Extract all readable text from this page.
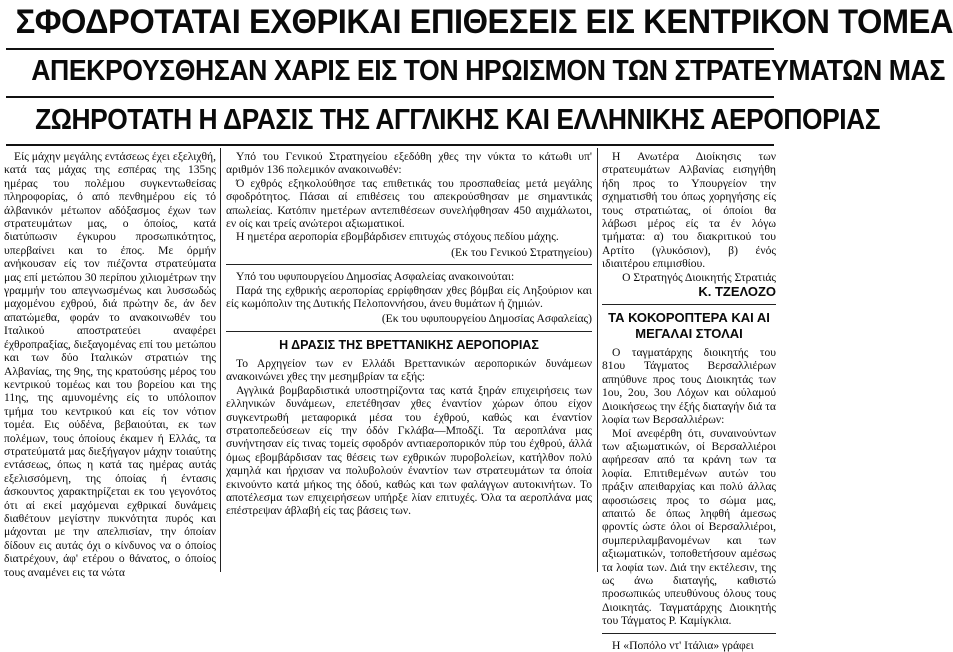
ΣΦΟΔΡΟΤΑΤΑΙ ΕΧΘΡΙΚΑΙ ΕΠΙΘΕΣΕΙΣ ΕΙΣ ΚΕΝΤΡΙΚΟΝ ΤΟΜΕΑ
ΑΠΕΚΡΟΥΣΘΗΣΑΝ ΧΑΡΙΣ ΕΙΣ ΤΟΝ ΗΡΩΙΣΜΟΝ ΤΩΝ ΣΤΡΑΤΕΥΜΑΤΩΝ ΜΑΣ
ΖΩΗΡΟΤΑΤΗ Η ΔΡΑΣΙΣ ΤΗΣ ΑΓΓΛΙΚΗΣ ΚΑΙ ΕΛΛΗΝΙΚΗΣ ΑΕΡΟΠΟΡΙΑΣ

Είς μάχην μεγάλης εντάσεως έχει εξελιχθή, κατά τας μάχας της εσπέρας της 135ης ημέρας του πολέμου συγκεντωθείσας πληροφορίας, ό από πενθημέρου είς τό άλβανικόν μέτωπον αδόξασμος έχων των στρατευμάτων μας, ο όποίος, κατά διατύπωσιν έγκυρου προσωπικότητος, υπερβαίνει και το έπος. Με όρμήν ανήκουσαν είς τον πιέζοντα στρατεύματα μας επί μετώπου 30 περίπου χιλιομέτρων την γραμμήν του απεγνωσμένως και λυσσωδώς μαχομένου εχθρού, διά πρώτην δε, άν δεν απατώμεθα, φοράν το ανακοινωθέν του Ιταλικού αποστρατεύει αναφέρει έχθροπραξίας, διεξαγομένας επί του μετώπου και των δύο Ιταλικών στρατιών της Αλβανίας, της 9ης, της κρατούσης μέρος του κεντρικού τομέως και του βορείου και της 11ης, της αμυνομένης είς το υπόλοιπον τμήμα του κεντρικού και είς τον νότιον τομέα. Εις ούδένα, βεβαιούται, εκ των πολέμων, τους όποίους έκαμεν ή Ελλάς, τα στρατεύματά μας διεξήγαγον μάχην τοιαύτης εντάσεως, όπως η κατά τας ημέρας αυτάς εξελισσόμενη, της όποίας ή έντασις άσκουντος χαρακτηρίζεται εκ του γεγονότος ότι αί εκεί μαχόμεναι εχθρικαί δυνάμεις διαθέτουν μεγίστην πυκνότητα πυρός και μάχονται με την απελπισίαν, την όποίαν δίδουν εις αυτάς όχι ο κίνδυνος να ο όποίος διατρέχουν, άφ' ετέρου ο θάνατος, ο όποίος τους αναμένει εις τα νώτα

Υπό του Γενικού Στρατηγείου εξεδόθη χθες την νύκτα το κάτωθι υπ' αριθμόν 136 πολεμικόν ανακοινωθέν:

Ό εχθρός εξηκολούθησε τας επιθετικάς του προσπαθείας μετά μεγάλης σφοδρότητος. Πάσαι αί επιθέσεις του απεκρούσθησαν με σημαντικάς απωλείας. Κατόπιν ημετέρων αντεπιθέσεων συνελήφθησαν 450 αιχμάλωτοι, εν οίς και τρείς ανώτεροι αξιωματικοί.

Η ημετέρα αεροπορία εβομβάρδισεν επιτυχώς στόχους πεδίου μάχης.

(Εκ του Γενικού Στρατηγείου)

Υπό του υφυπουργείου Δημοσίας Ασφαλείας ανακοινούται:

Παρά της εχθρικής αεροπορίας ερρίφθησαν χθες βόμβαι είς Ληξούριον και είς κωμόπολιν της Δυτικής Πελοποννήσου, άνευ θυμάτων ή ζημιών.

(Εκ του υφυπουργείου Δημοσίας Ασφαλείας)

Η ΔΡΑΣΙΣ ΤΗΣ ΒΡΕΤΤΑΝΙΚΗΣ ΑΕΡΟΠΟΡΙΑΣ

Το Αρχηγείον των εν Ελλάδι Βρεττανικών αεροπορικών δυνάμεων ανακοινώνει χθες την μεσημβρίαν τα εξής:

Αγγλικά βομβαρδιστικά υποστηρίζοντα τας κατά ξηράν επιχειρήσεις των ελληνικών δυνάμεων, επετέθησαν χθες έναντίον χώρων όπου είχον συγκεντρωθή μεταφορικά μέσα του έχθρού, καθώς και έναντίον στρατοπεδεύσεων είς την όδόν Γκλάβα—Μποδζί. Τα αεροπλάνα μας συνήντησαν είς τινας τομείς σφοδρόν αντιαεροπορικόν πύρ του έχθρού, άλλά όμως εβομβάρδισαν τας θέσεις των εχθρικών πυροβολείων, κατήλθον πολύ χαμηλά και ήρχισαν να πολυβολούν έναντίον των στρατευμάτων τα όποία εκινούντο κατά μήκος της όδού, καθώς και των φαλάγγων αυτοκινήτων. Το αποτέλεσμα των επιχειρήσεων υπήρξε λίαν επιτυχές. Όλα τα αεροπλάνα μας επέστρεψαν άβλαβή είς τας βάσεις των.

Η Ανωτέρα Διοίκησις των στρατευμάτων Αλβανίας εισηγήθη ήδη προς το Υπουργείον την σχηματισθή του όπως χορηγήσης είς τους στρατιώτας, οί όποίοι θα λάβωσι μέρος είς τα έν λόγω τμήματα: α) του διακριτικού του Αρτίτο (γλυκόσιον), β) ένός ιδιαιτέρου επιμισθίου.

Ο Στρατηγός Διοικητής Στρατιάς

Κ. ΤΖΕΛΟΖΟ

ΤΑ ΚΟΚΟΡΟΠΤΕΡΑ ΚΑΙ ΑΙ ΜΕΓΑΛΑΙ ΣΤΟΛΑΙ

Ο ταγματάρχης διοικητής του 81ου Τάγματος Βερσαλλιέρων απηύθυνε προς τους Διοικητάς των 1ου, 2ου, 3ου Λόχων και ούλαμού Διοικήσεως την έξής διαταγήν διά τα λοφία των Βερσαλλιέρων:

Μοί ανεφέρθη ότι, συναινούντων των αξιωματικών, οί Βερσαλλιέροι αφήρεσαν από τα κράνη των τα λοφία. Επιτιθεμένων αυτών του πράξιν απειθαρχίας και πολύ άλλας αφοσιώσεις προς το σώμα μας, απαιτώ δε όπως ληφθή άμεσως φροντίς ώστε όλοι οί Βερσαλλιέροι, συμπεριλαμβανομένων και των αξιωματικών, τοποθετήσουν αμέσως τα λοφία των. Διά την εκτέλεσιν, της ως άνω διαταγής, καθιστώ προσωπικώς υπευθύνους όλους τους Διοικητάς. Ταγματάρχης Διοικητής του Τάγματος Ρ. Καμίγκλια.

Η «Ποπόλο ντ' Ιτάλια» γράφει
